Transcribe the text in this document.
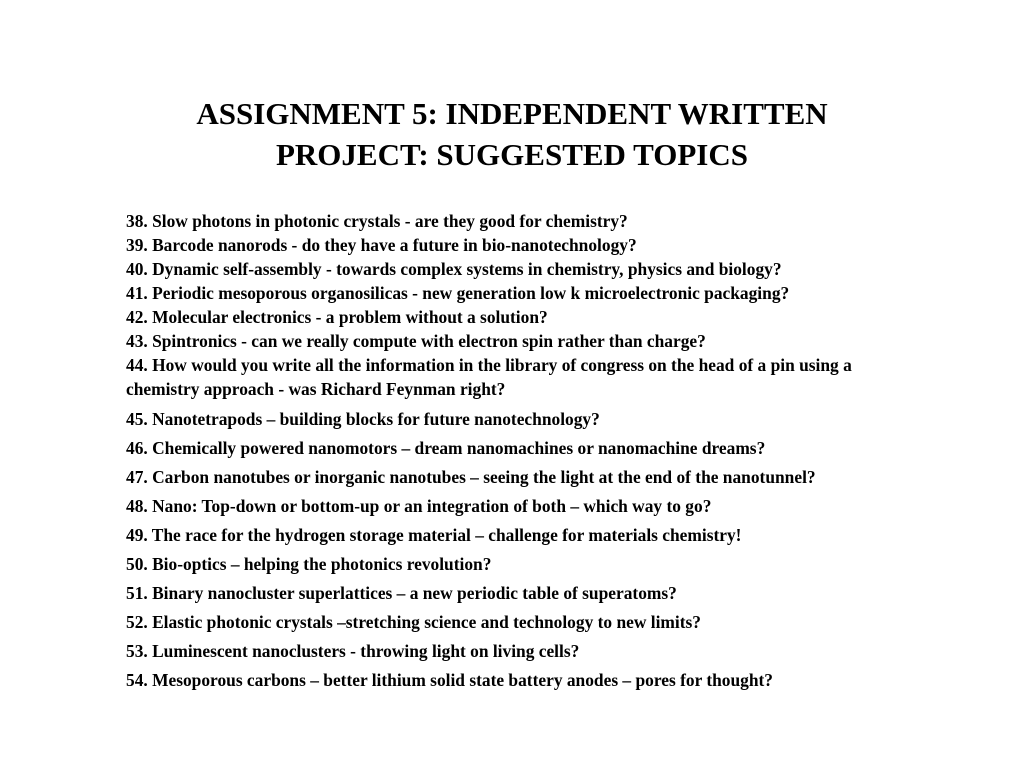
ASSIGNMENT 5: INDEPENDENT WRITTEN
PROJECT: SUGGESTED TOPICS
38. Slow photons in photonic crystals - are they good for chemistry?
39. Barcode nanorods - do they have a future in bio-nanotechnology?
40. Dynamic self-assembly - towards complex systems in chemistry, physics and biology?
41. Periodic mesoporous organosilicas - new generation low k microelectronic packaging?
42. Molecular electronics - a problem without a solution?
43. Spintronics - can we really compute with electron spin rather than charge?
44. How would you write all the information in the library of congress on the head of a pin using a
chemistry approach - was Richard Feynman right?
45. Nanotetrapods – building blocks for future nanotechnology?
46. Chemically powered nanomotors – dream nanomachines or nanomachine dreams?
47. Carbon nanotubes or inorganic nanotubes – seeing the light at the end of the nanotunnel?
48. Nano: Top-down or bottom-up or an integration of both – which way to go?
49. The race for the hydrogen storage material – challenge for materials chemistry!
50. Bio-optics – helping the photonics revolution?
51. Binary nanocluster superlattices – a new periodic table of superatoms?
52. Elastic photonic crystals –stretching science and technology to new limits?
53. Luminescent nanoclusters - throwing light on living cells?
54. Mesoporous carbons – better lithium solid state battery anodes – pores for thought?
